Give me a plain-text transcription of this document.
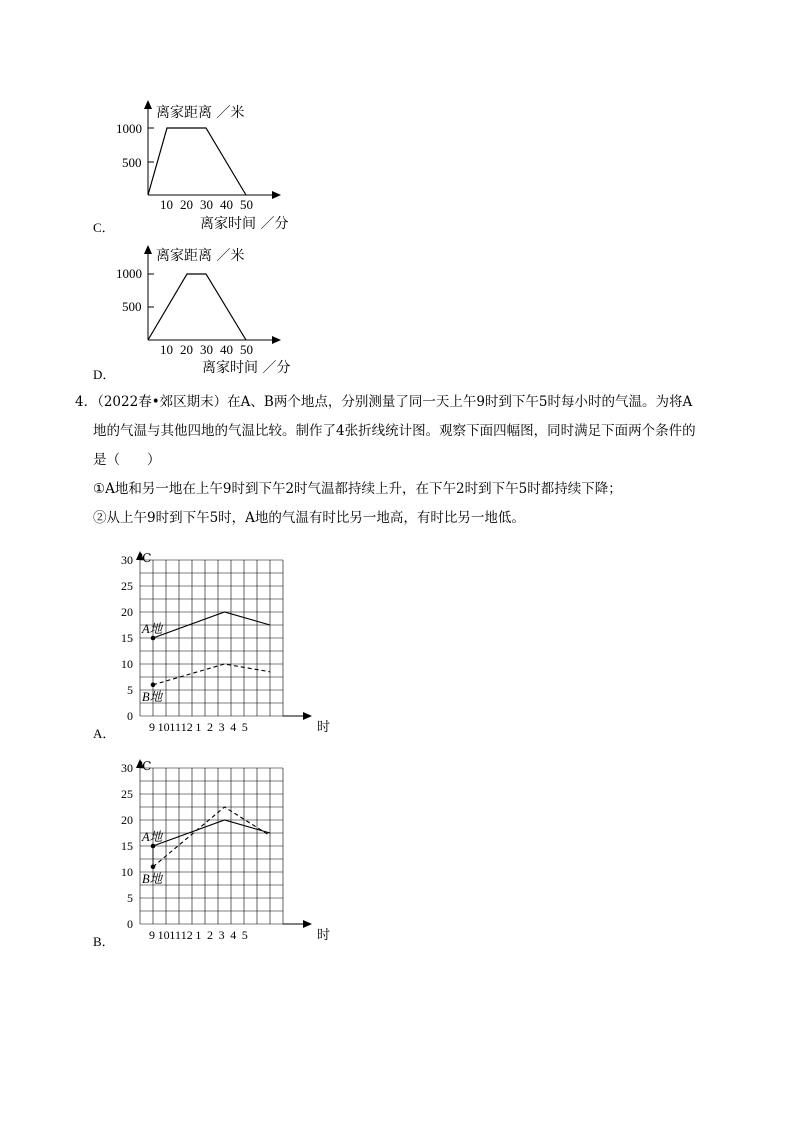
离家距离 ／米
离家时间 ／分
1000
500
10 20 30 40 50
C．
离家距离 ／米
离家时间 ／分
1000
500
10 20 30 40 50
D．
4．（2022春•郊区期末）在A、B两个地点，分别测量了同一天上午9时到下午5时每小时的气温。为将A
地的气温与其他四地的气温比较。制作了4张折线统计图。观察下面四幅图，同时满足下面两个条件的
是（　　）
①A地和另一地在上午9时到下午2时气温都持续上升，在下午2时到下午5时都持续下降；
②从上午9时到下午5时，A地的气温有时比另一地高，有时比另一地低。
℃
时
30
25
20
15
10
5
0
9 10 11 12 1 2 3 4 5
A地
B地
A．
℃
时
30
25
20
15
10
5
0
9 10 11 12 1 2 3 4 5
A地
B地
B．
